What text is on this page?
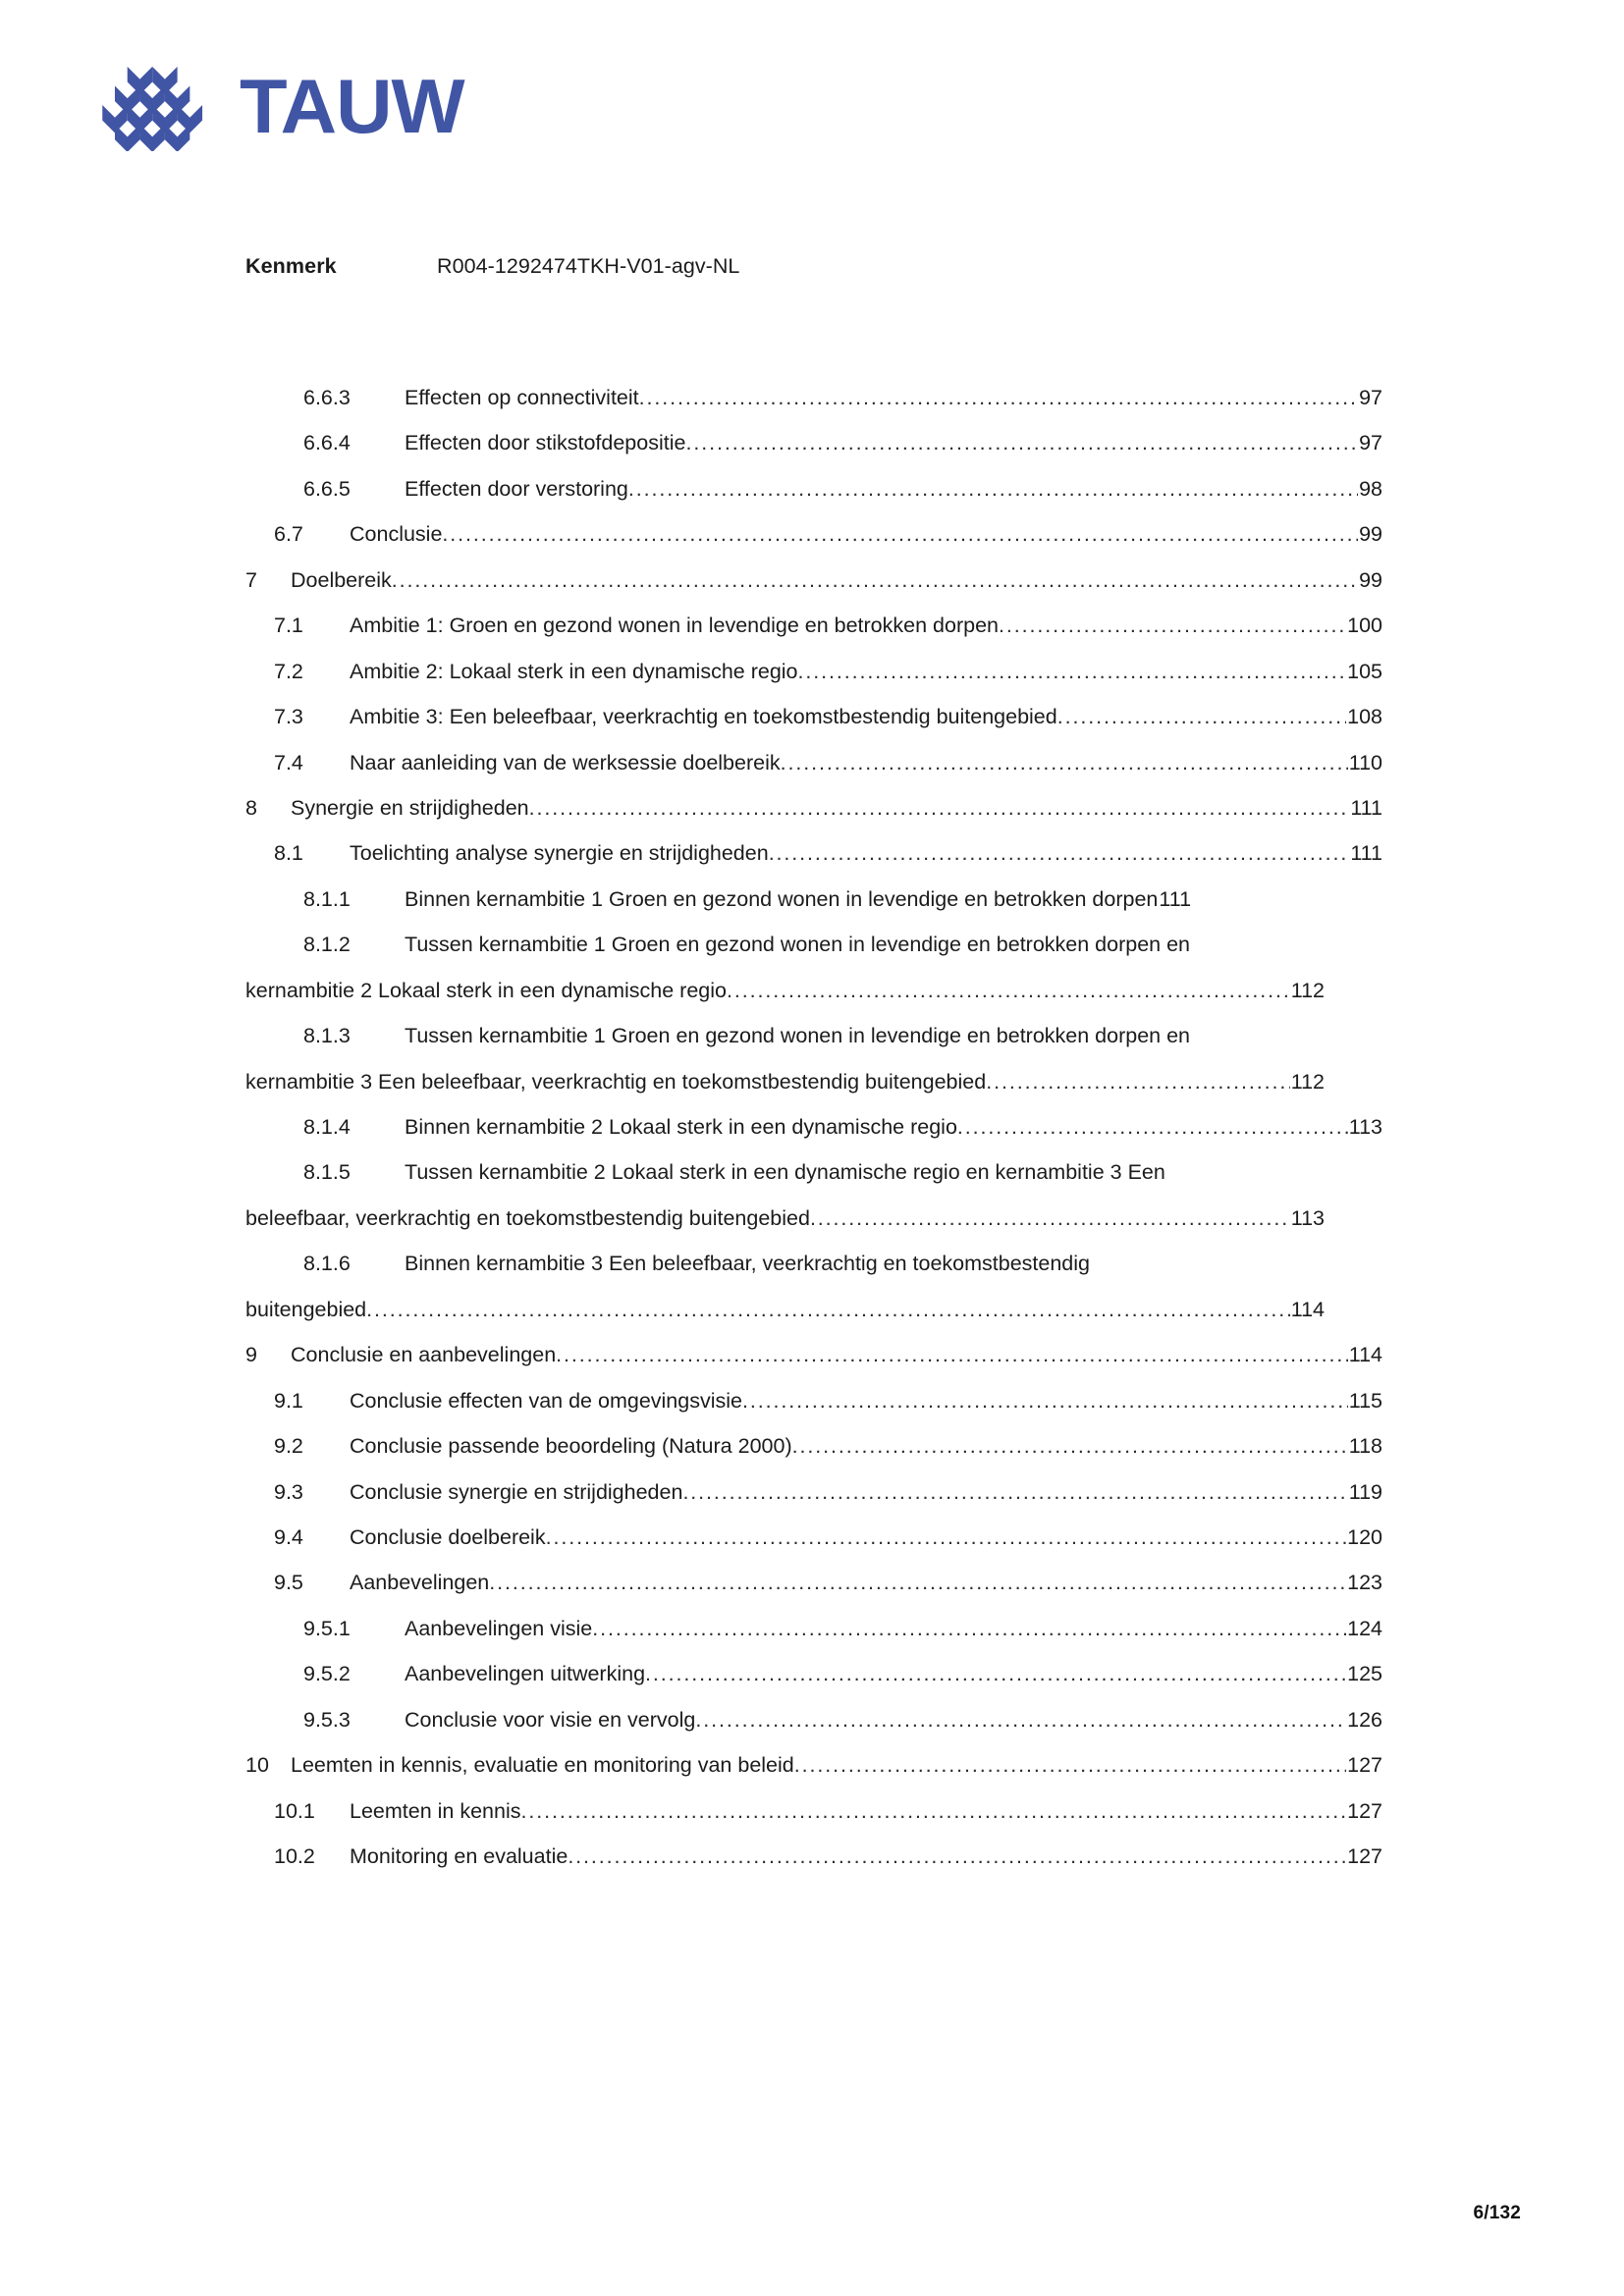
TAUW
Kenmerk	R004-1292474TKH-V01-agv-NL
6.6.3	Effecten op connectiviteit .....	97
6.6.4	Effecten door stikstofdepositie .....	97
6.6.5	Effecten door verstoring .....	98
6.7	Conclusie .....	99
7	Doelbereik .....	99
7.1	Ambitie 1: Groen en gezond wonen in levendige en betrokken dorpen .....	100
7.2	Ambitie 2: Lokaal sterk in een dynamische regio .....	105
7.3	Ambitie 3: Een beleefbaar, veerkrachtig en toekomstbestendig buitengebied .....	108
7.4	Naar aanleiding van de werksessie doelbereik .....	110
8	Synergie en strijdigheden .....	111
8.1	Toelichting analyse synergie en strijdigheden .....	111
8.1.1	Binnen kernambitie 1 Groen en gezond wonen in levendige en betrokken dorpen 111
8.1.2	Tussen kernambitie 1 Groen en gezond wonen in levendige en betrokken dorpen en
kernambitie 2 Lokaal sterk in een dynamische regio .....	112
8.1.3	Tussen kernambitie 1 Groen en gezond wonen in levendige en betrokken dorpen en
kernambitie 3 Een beleefbaar, veerkrachtig en toekomstbestendig buitengebied .....	112
8.1.4	Binnen kernambitie 2 Lokaal sterk in een dynamische regio .....	113
8.1.5	Tussen kernambitie 2 Lokaal sterk in een dynamische regio en kernambitie 3 Een
beleefbaar, veerkrachtig en toekomstbestendig buitengebied .....	113
8.1.6	Binnen kernambitie 3 Een beleefbaar, veerkrachtig en toekomstbestendig
buitengebied .....	114
9	Conclusie en aanbevelingen .....	114
9.1	Conclusie effecten van de omgevingsvisie .....	115
9.2	Conclusie passende beoordeling (Natura 2000) .....	118
9.3	Conclusie synergie en strijdigheden .....	119
9.4	Conclusie doelbereik .....	120
9.5	Aanbevelingen .....	123
9.5.1	Aanbevelingen visie .....	124
9.5.2	Aanbevelingen uitwerking .....	125
9.5.3	Conclusie voor visie en vervolg .....	126
10	Leemten in kennis, evaluatie en monitoring van beleid .....	127
10.1	Leemten in kennis .....	127
10.2	Monitoring en evaluatie .....	127
6/132
